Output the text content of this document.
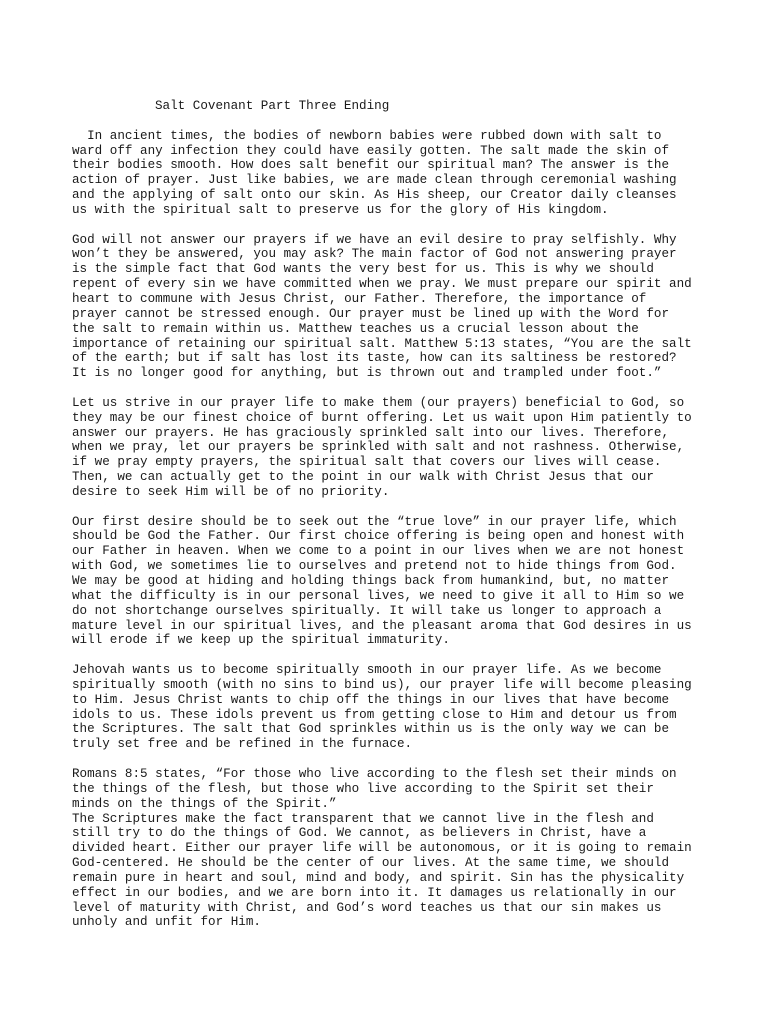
Salt Covenant Part Three Ending
In ancient times, the bodies of newborn babies were rubbed down with salt to
ward off any infection they could have easily gotten. The salt made the skin of
their bodies smooth. How does salt benefit our spiritual man? The answer is the
action of prayer. Just like babies, we are made clean through ceremonial washing
and the applying of salt onto our skin. As His sheep, our Creator daily cleanses
us with the spiritual salt to preserve us for the glory of His kingdom.
God will not answer our prayers if we have an evil desire to pray selfishly. Why
won’t they be answered, you may ask? The main factor of God not answering prayer
is the simple fact that God wants the very best for us. This is why we should
repent of every sin we have committed when we pray. We must prepare our spirit and
heart to commune with Jesus Christ, our Father. Therefore, the importance of
prayer cannot be stressed enough. Our prayer must be lined up with the Word for
the salt to remain within us. Matthew teaches us a crucial lesson about the
importance of retaining our spiritual salt. Matthew 5:13 states, “You are the salt
of the earth; but if salt has lost its taste, how can its saltiness be restored?
It is no longer good for anything, but is thrown out and trampled under foot.”
Let us strive in our prayer life to make them (our prayers) beneficial to God, so
they may be our finest choice of burnt offering. Let us wait upon Him patiently to
answer our prayers. He has graciously sprinkled salt into our lives. Therefore,
when we pray, let our prayers be sprinkled with salt and not rashness. Otherwise,
if we pray empty prayers, the spiritual salt that covers our lives will cease.
Then, we can actually get to the point in our walk with Christ Jesus that our
desire to seek Him will be of no priority.
Our first desire should be to seek out the “true love” in our prayer life, which
should be God the Father. Our first choice offering is being open and honest with
our Father in heaven. When we come to a point in our lives when we are not honest
with God, we sometimes lie to ourselves and pretend not to hide things from God.
We may be good at hiding and holding things back from humankind, but, no matter
what the difficulty is in our personal lives, we need to give it all to Him so we
do not shortchange ourselves spiritually. It will take us longer to approach a
mature level in our spiritual lives, and the pleasant aroma that God desires in us
will erode if we keep up the spiritual immaturity.
Jehovah wants us to become spiritually smooth in our prayer life. As we become
spiritually smooth (with no sins to bind us), our prayer life will become pleasing
to Him. Jesus Christ wants to chip off the things in our lives that have become
idols to us. These idols prevent us from getting close to Him and detour us from
the Scriptures. The salt that God sprinkles within us is the only way we can be
truly set free and be refined in the furnace.
Romans 8:5 states, “For those who live according to the flesh set their minds on
the things of the flesh, but those who live according to the Spirit set their
minds on the things of the Spirit.”
The Scriptures make the fact transparent that we cannot live in the flesh and
still try to do the things of God. We cannot, as believers in Christ, have a
divided heart. Either our prayer life will be autonomous, or it is going to remain
God-centered. He should be the center of our lives. At the same time, we should
remain pure in heart and soul, mind and body, and spirit. Sin has the physicality
effect in our bodies, and we are born into it. It damages us relationally in our
level of maturity with Christ, and God’s word teaches us that our sin makes us
unholy and unfit for Him.
